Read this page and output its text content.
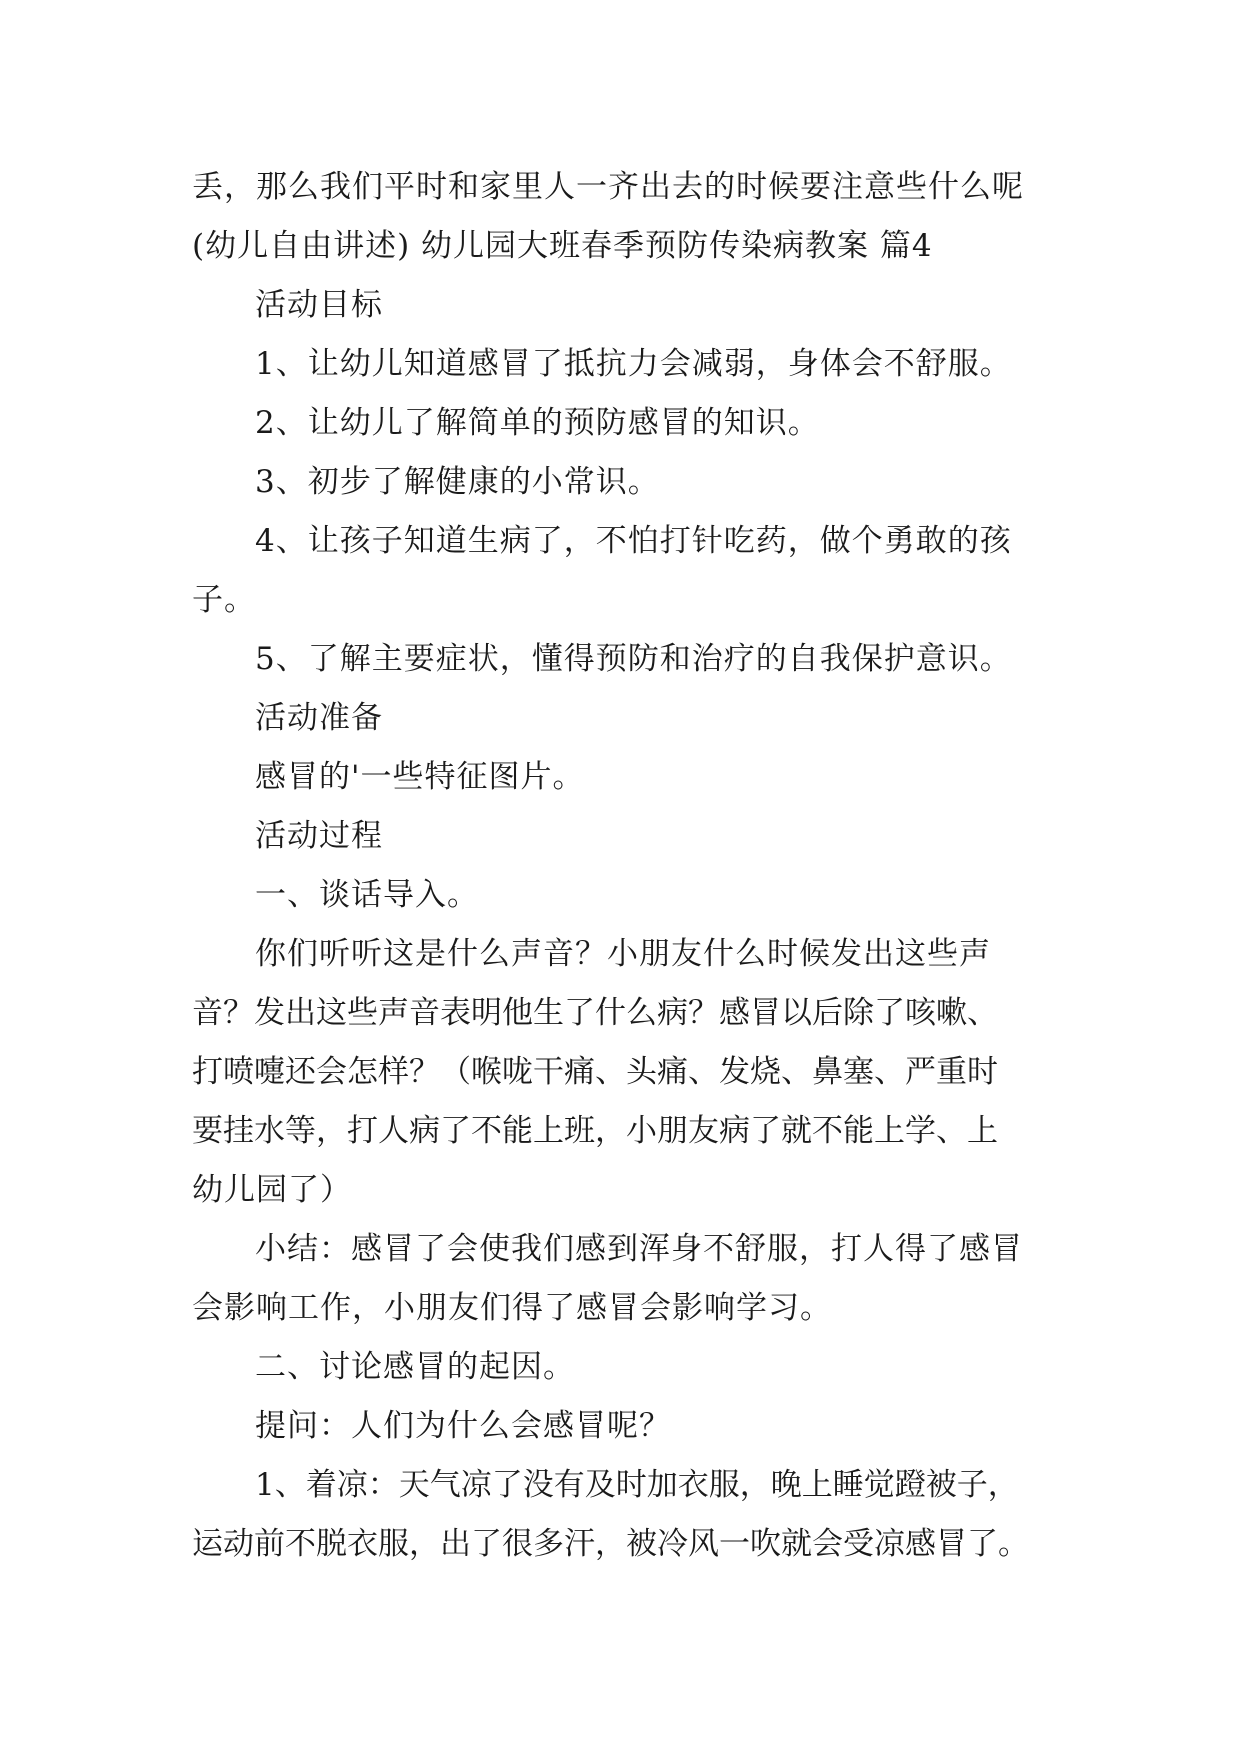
丢，那么我们平时和家里人一齐出去的时候要注意些什么呢
(幼儿自由讲述) 幼儿园大班春季预防传染病教案 篇4
活动目标
1、让幼儿知道感冒了抵抗力会减弱，身体会不舒服。
2、让幼儿了解简单的预防感冒的知识。
3、初步了解健康的小常识。
4、让孩子知道生病了，不怕打针吃药，做个勇敢的孩
子。
5、了解主要症状，懂得预防和治疗的自我保护意识。
活动准备
感冒的'一些特征图片。
活动过程
一、谈话导入。
你们听听这是什么声音？小朋友什么时候发出这些声
音？发出这些声音表明他生了什么病？感冒以后除了咳嗽、
打喷嚏还会怎样？（喉咙干痛、头痛、发烧、鼻塞、严重时
要挂水等，打人病了不能上班，小朋友病了就不能上学、上
幼儿园了）
小结：感冒了会使我们感到浑身不舒服，打人得了感冒
会影响工作，小朋友们得了感冒会影响学习。
二、讨论感冒的起因。
提问：人们为什么会感冒呢？
1、着凉：天气凉了没有及时加衣服，晚上睡觉蹬被子，
运动前不脱衣服，出了很多汗，被冷风一吹就会受凉感冒了。
